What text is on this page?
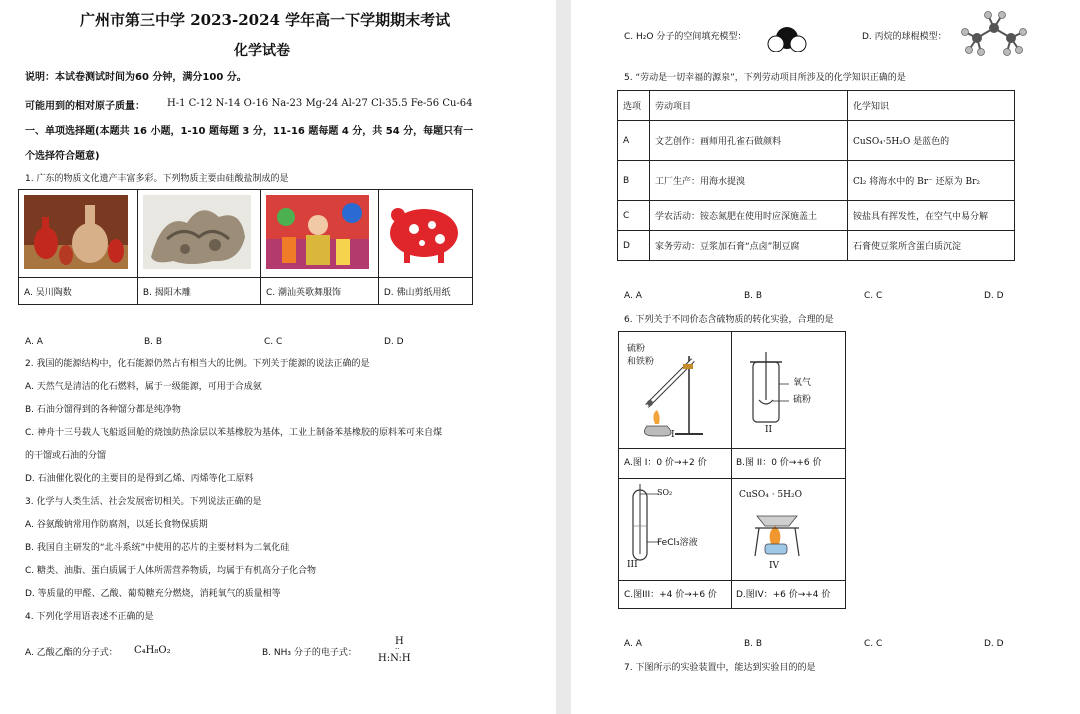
广州市第三中学 2023-2024 学年高一下学期期末考试
化学试卷
说明：本试卷测试时间为60 分钟，满分100 分。
可能用到的相对原子质量： H-1 C-12 N-14 O-16 Na-23 Mg-24 Al-27 Cl-35.5 Fe-56 Cu-64
一、单项选择题(本题共 16 小题，1-10 题每题 3 分，11-16 题每题 4 分，共 54 分，每题只有一
个选择符合题意)
1. 广东的物质文化遗产丰富多彩。下列物质主要由硅酸盐制成的是

A. 吴川陶数	B. 揭阳木雕	C. 潮汕英歌舞服饰	D. 佛山剪纸用纸
A. A	B. B	C. C	D. D
2. 我国的能源结构中，化石能源仍然占有相当大的比例。下列关于能源的说法正确的是
A. 天然气是清洁的化石燃料，属于一级能源，可用于合成氨
B. 石油分馏得到的各种馏分都是纯净物
C. 神舟十三号载人飞船返回舱的烧蚀防热涂层以苯基橡胶为基体，工业上制备苯基橡胶的原料苯可来自煤
的干馏或石油的分馏
D. 石油催化裂化的主要目的是得到乙烯、丙烯等化工原料
3. 化学与人类生活、社会发展密切相关。下列说法正确的是
A. 谷氨酸钠常用作防腐剂，以延长食物保质期
B. 我国自主研发的“北斗系统”中使用的芯片的主要材料为二氧化硅
C. 糖类、油脂、蛋白质属于人体所需营养物质，均属于有机高分子化合物
D. 等质量的甲醛、乙酸、葡萄糖充分燃烧，消耗氧气的质量相等
4. 下列化学用语表述不正确的是
A. 乙酸乙酯的分子式： C₄H₈O₂	B. NH₃ 分子的电子式：
H
··
H:N:H
C. H₂O 分子的空间填充模型：	D. 丙烷的球棍模型：
5. “劳动是一切幸福的源泉”，下列劳动项目所涉及的化学知识正确的是
选项	劳动项目	化学知识
A	文艺创作：画师用孔雀石做颜料	CuSO₄·5H₂O 是蓝色的
B	工厂生产：用海水提溴	Cl₂ 将海水中的 Br⁻ 还原为 Br₂
C	学农活动：铵态氮肥在使用时应深施盖土	铵盐具有挥发性，在空气中易分解
D	家务劳动：豆浆加石膏“点卤”制豆腐	石膏使豆浆所含蛋白质沉淀
A. A	B. B	C. C	D. D
6. 下列关于不同价态含硫物质的转化实验，合理的是
硫粉
和铁粉
I
氧气
硫粉
II
A.图 I：0 价→+2 价	B.图 II：0 价→+6 价
SO₂
FeCl₃溶液
III
CuSO₄ · 5H₂O
IV
C.图III：+4 价→+6 价 D.图IV：+6 价→+4 价
A. A	B. B	C. C	D. D
7. 下图所示的实验装置中，能达到实验目的的是
